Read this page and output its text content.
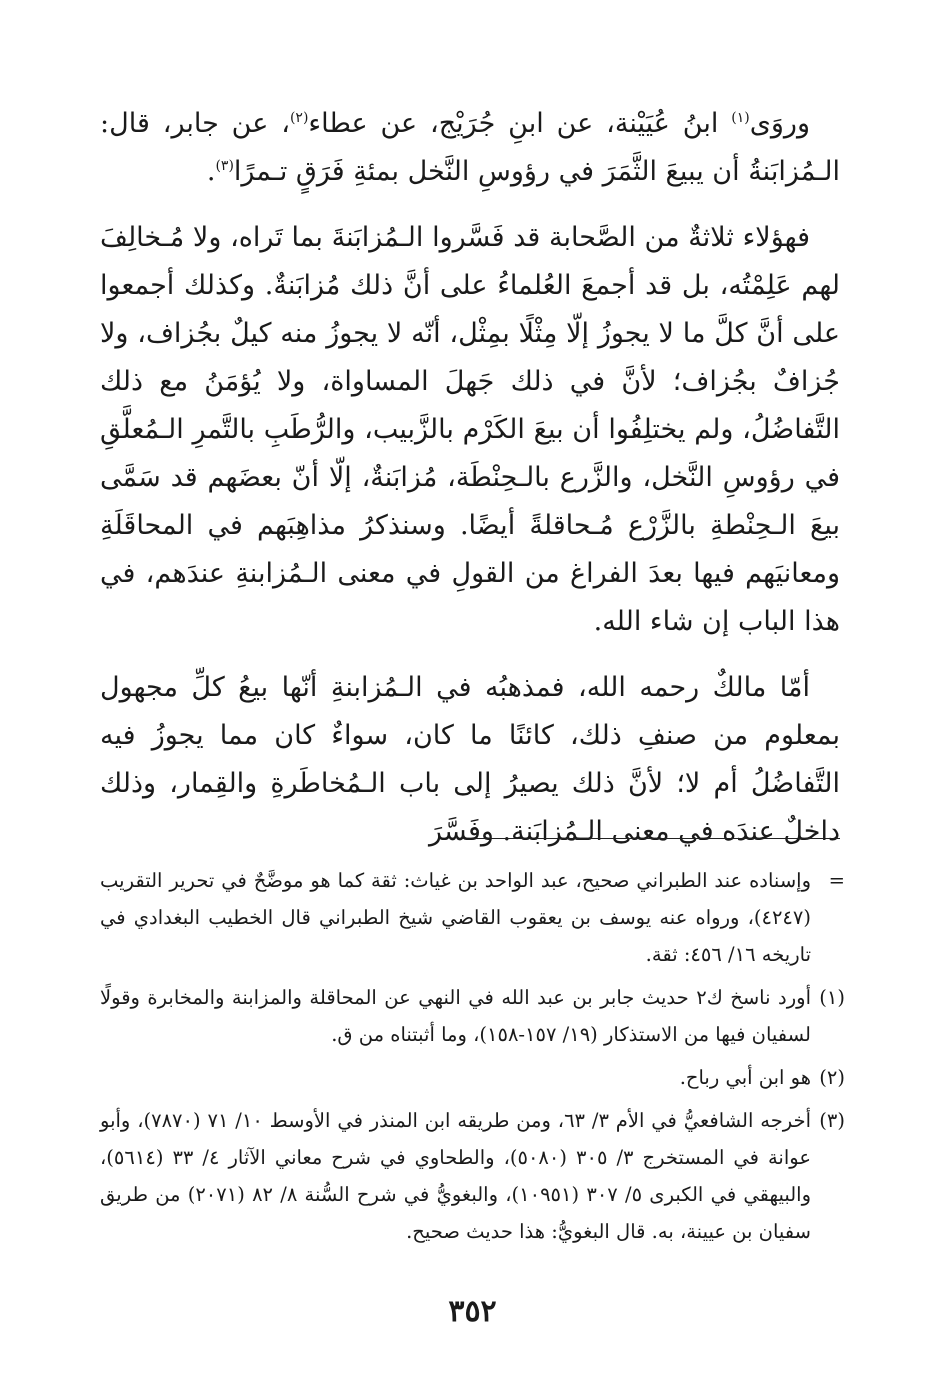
وروَى$^{(١)}$ ابنُ عُيَيْنة، عن ابنِ جُرَيْج، عن عطاء$^{(٢)}$، عن جابر، قال: الـمُزابَنةُ أن يبيعَ الثَّمَرَ في رؤوسِ النَّخل بمئةِ فَرَقٍ تـمرًا$^{(٣)}$.

فهؤلاء ثلاثةٌ من الصَّحابة قد فَسَّروا الـمُزابَنةَ بما تَراه، ولا مُـخالِفَ لهم عَلِمْتُه، بل قد أجمعَ العُلماءُ على أنَّ ذلك مُزابَنةٌ. وكذلك أجمعوا على أنَّ كلَّ ما لا يجوزُ إلّا مِثْلًا بمِثْل، أنّه لا يجوزُ منه كيلٌ بجُزاف، ولا جُزافٌ بجُزاف؛ لأنَّ في ذلك جَهلَ المساواة، ولا يُؤمَنُ مع ذلك التَّفاضُلُ، ولم يختلِفُوا أن بيعَ الكَرْم بالزَّبيب، والرُّطَبِ بالتَّمرِ الـمُعلَّقِ في رؤوسِ النَّخل، والزَّرع بالـحِنْطَة، مُزابَنةٌ، إلّا أنّ بعضَهم قد سَمَّى بيعَ الـحِنْطةِ بالزَّرْع مُـحاقلةً أيضًا. وسنذكرُ مذاهِبَهم في المحاقَلَةِ ومعانيَهم فيها بعدَ الفراغ من القولِ في معنى الـمُزابنةِ عندَهم، في هذا الباب إن شاء الله.

أمّا مالكٌ رحمه الله، فمذهبُه في الـمُزابنةِ أنّها بيعُ كلِّ مجهول بمعلوم من صنفِ ذلك، كائنًا ما كان، سواءٌ كان مما يجوزُ فيه التَّفاضُلُ أم لا؛ لأنَّ ذلك يصيرُ إلى باب الـمُخاطَرةِ والقِمار، وذلك داخلٌ عندَه في معنى الـمُزابَنة. وفَسَّرَ

=
وإسناده عند الطبراني صحيح، عبد الواحد بن غياث: ثقة كما هو موضَّحٌ في تحرير التقريب (٤٢٤٧)، ورواه عنه يوسف بن يعقوب القاضي شيخ الطبراني قال الخطيب البغدادي في تاريخه ١٦/ ٤٥٦: ثقة.
(١)
أورد ناسخ ك٢ حديث جابر بن عبد الله في النهي عن المحاقلة والمزابنة والمخابرة وقولًا لسفيان فيها من الاستذكار (١٩/ ١٥٧-١٥٨)، وما أثبتناه من ق.
(٢)
هو ابن أبي رباح.
(٣)
أخرجه الشافعيُّ في الأم ٣/ ٦٣، ومن طريقه ابن المنذر في الأوسط ١٠/ ٧١ (٧٨٧٠)، وأبو عوانة في المستخرج ٣/ ٣٠٥ (٥٠٨٠)، والطحاوي في شرح معاني الآثار ٤/ ٣٣ (٥٦١٤)، والبيهقي في الكبرى ٥/ ٣٠٧ (١٠٩٥١)، والبغويُّ في شرح السُّنة ٨/ ٨٢ (٢٠٧١) من طريق سفيان بن عيينة، به. قال البغويُّ: هذا حديث صحيح.
٣٥٢
